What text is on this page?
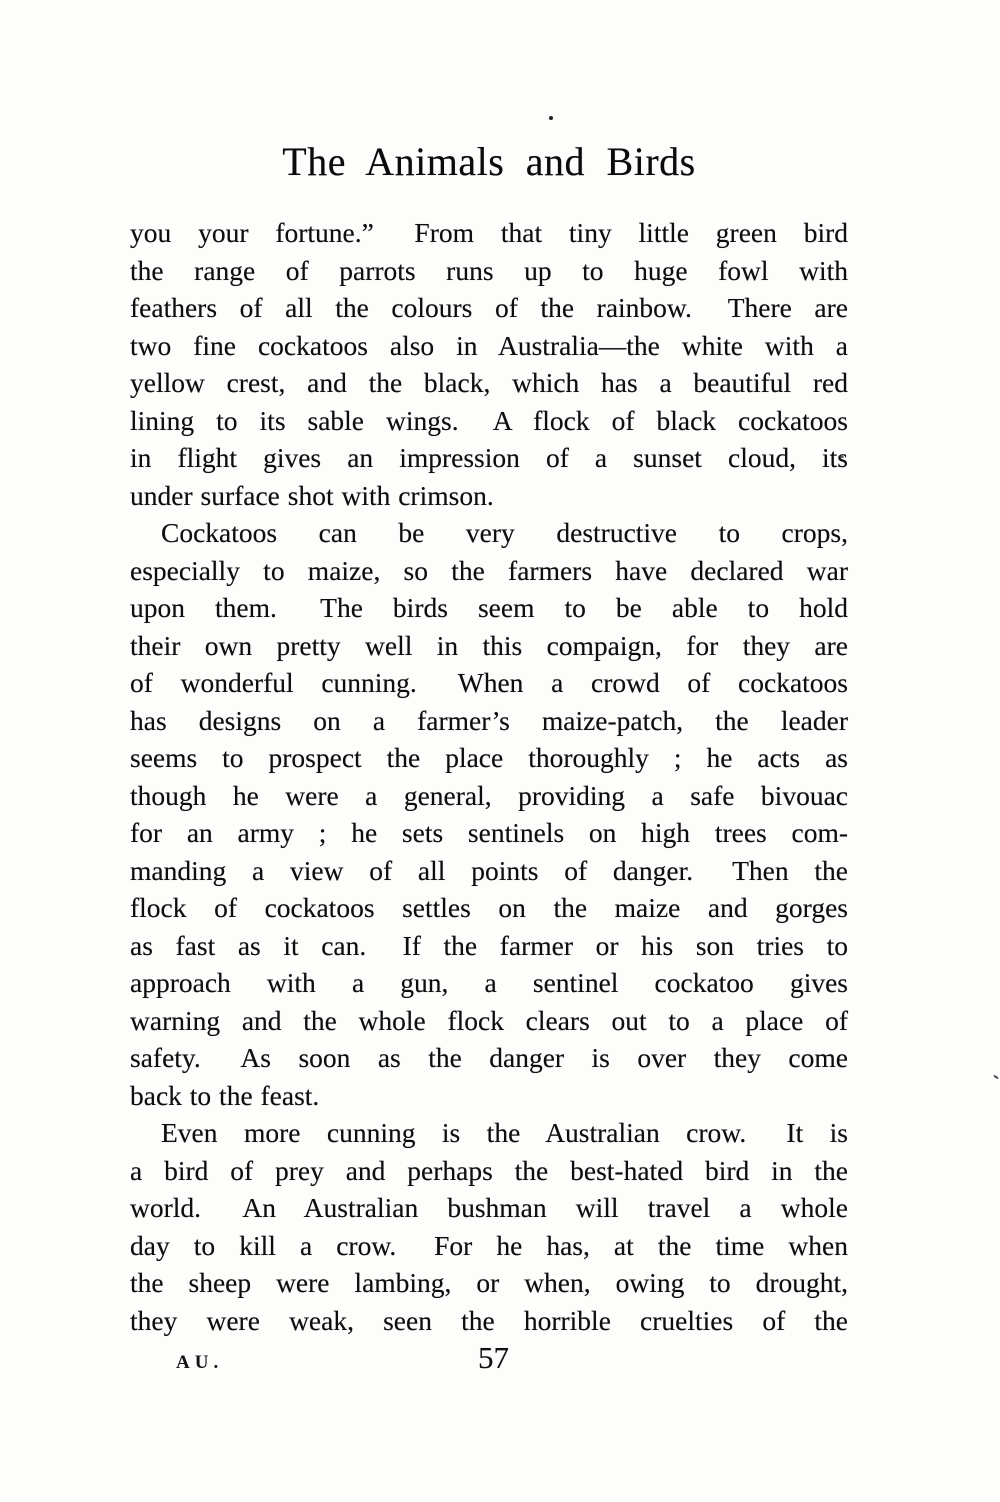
The Animals and Birds
you your fortune.”  From that tiny little green bird
the range of parrots runs up to huge fowl with
feathers of all the colours of the rainbow.  There are
two fine cockatoos also in Australia—the white with a
yellow crest, and the black, which has a beautiful red
lining to its sable wings.  A flock of black cockatoos
in flight gives an impression of a sunset cloud, its
under surface shot with crimson.
Cockatoos can be very destructive to crops,
especially to maize, so the farmers have declared war
upon them.  The birds seem to be able to hold
their own pretty well in this compaign, for they are
of wonderful cunning.  When a crowd of cockatoos
has designs on a farmer’s maize-patch, the leader
seems to prospect the place thoroughly ; he acts as
though he were a general, providing a safe bivouac
for an army ; he sets sentinels on high trees com-
manding a view of all points of danger.  Then the
flock of cockatoos settles on the maize and gorges
as fast as it can.  If the farmer or his son tries to
approach with a gun, a sentinel cockatoo gives
warning and the whole flock clears out to a place of
safety.  As soon as the danger is over they come
back to the feast.
Even more cunning is the Australian crow.  It is
a bird of prey and perhaps the best-hated bird in the
world.  An Australian bushman will travel a whole
day to kill a crow.  For he has, at the time when
the sheep were lambing, or when, owing to drought,
they were weak, seen the horrible cruelties of the
AU.	57
